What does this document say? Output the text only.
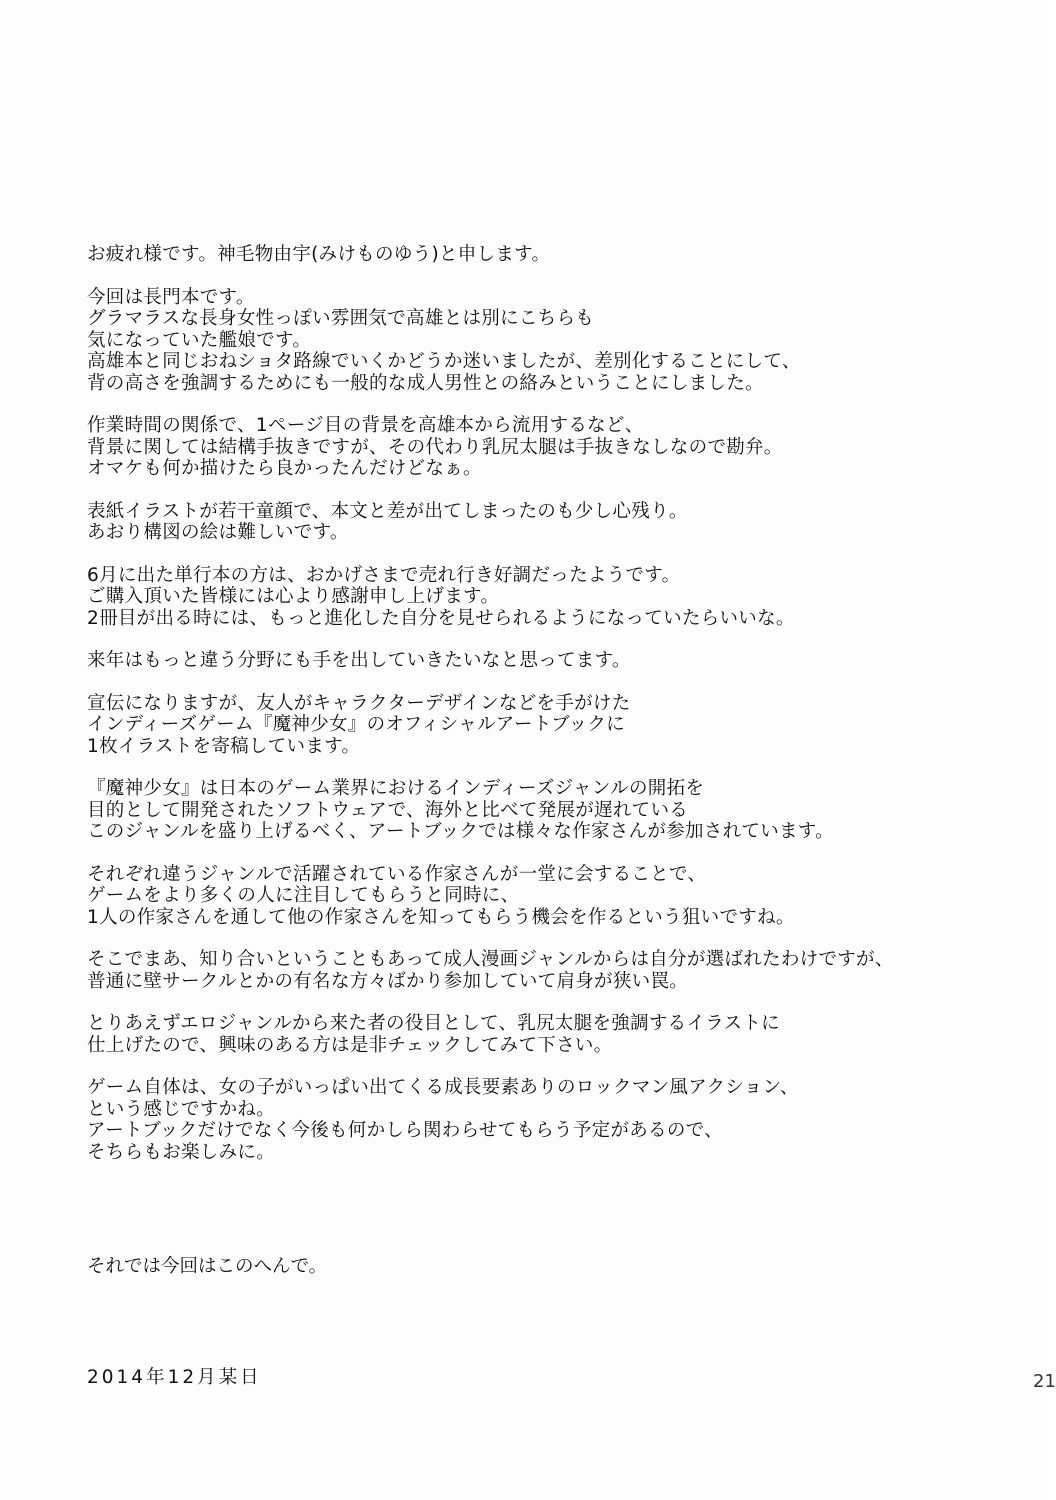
お疲れ様です。神毛物由宇(みけものゆう)と申します。
今回は長門本です。
グラマラスな長身女性っぽい雰囲気で高雄とは別にこちらも
気になっていた艦娘です。
高雄本と同じおねショタ路線でいくかどうか迷いましたが、差別化することにして、
背の高さを強調するためにも一般的な成人男性との絡みということにしました。
作業時間の関係で、1ページ目の背景を高雄本から流用するなど、
背景に関しては結構手抜きですが、その代わり乳尻太腿は手抜きなしなので勘弁。
オマケも何か描けたら良かったんだけどなぁ。
表紙イラストが若干童顔で、本文と差が出てしまったのも少し心残り。
あおり構図の絵は難しいです。
6月に出た単行本の方は、おかげさまで売れ行き好調だったようです。
ご購入頂いた皆様には心より感謝申し上げます。
2冊目が出る時には、もっと進化した自分を見せられるようになっていたらいいな。
来年はもっと違う分野にも手を出していきたいなと思ってます。
宣伝になりますが、友人がキャラクターデザインなどを手がけた
インディーズゲーム『魔神少女』のオフィシャルアートブックに
1枚イラストを寄稿しています。
『魔神少女』は日本のゲーム業界におけるインディーズジャンルの開拓を
目的として開発されたソフトウェアで、海外と比べて発展が遅れている
このジャンルを盛り上げるべく、アートブックでは様々な作家さんが参加されています。
それぞれ違うジャンルで活躍されている作家さんが一堂に会することで、
ゲームをより多くの人に注目してもらうと同時に、
1人の作家さんを通して他の作家さんを知ってもらう機会を作るという狙いですね。
そこでまあ、知り合いということもあって成人漫画ジャンルからは自分が選ばれたわけですが、
普通に壁サークルとかの有名な方々ばかり参加していて肩身が狭い罠。
とりあえずエロジャンルから来た者の役目として、乳尻太腿を強調するイラストに
仕上げたので、興味のある方は是非チェックしてみて下さい。
ゲーム自体は、女の子がいっぱい出てくる成長要素ありのロックマン風アクション、
という感じですかね。
アートブックだけでなく今後も何かしら関わらせてもらう予定があるので、
そちらもお楽しみに。
それでは今回はこのへんで。
2014年12月某日	21
